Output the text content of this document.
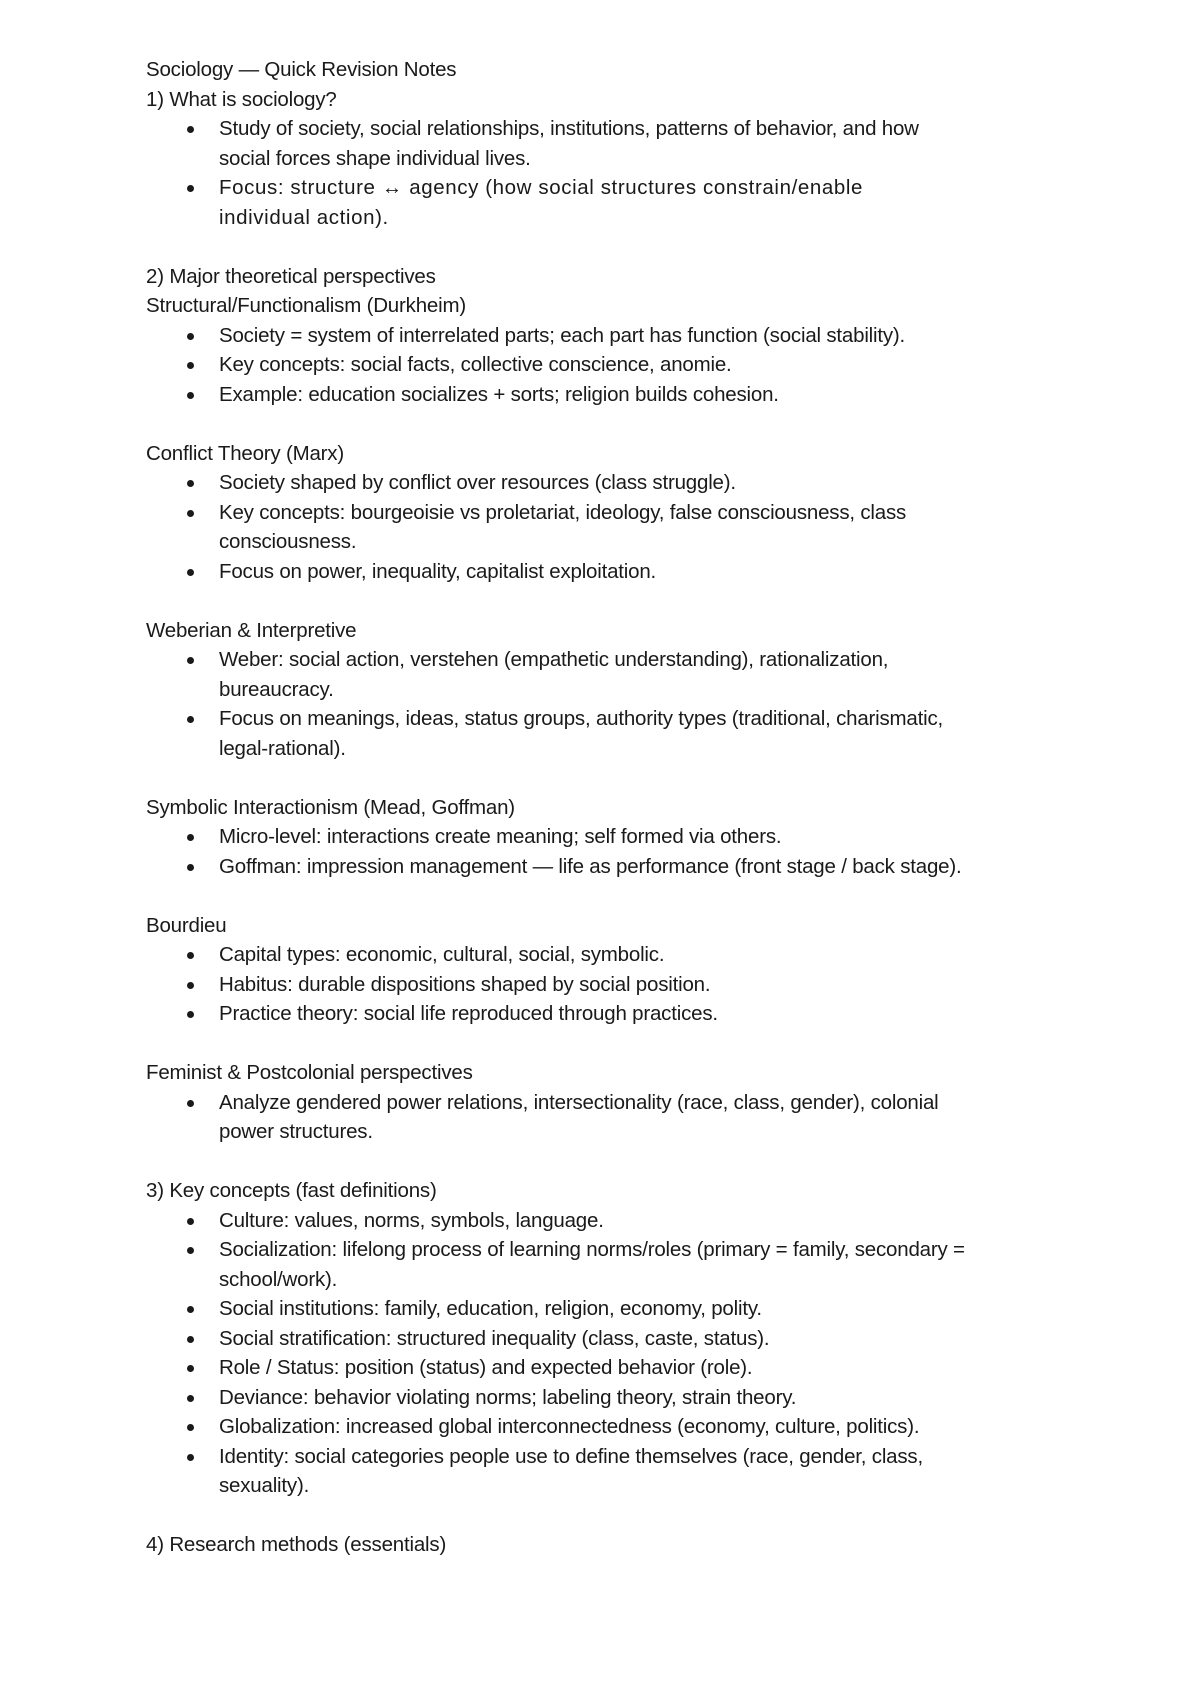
Sociology — Quick Revision Notes
1) What is sociology?
Study of society, social relationships, institutions, patterns of behavior, and how
social forces shape individual lives.
Focus: structure ↔ agency (how social structures constrain/enable
individual action).
2) Major theoretical perspectives
Structural/Functionalism (Durkheim)
Society = system of interrelated parts; each part has function (social stability).
Key concepts: social facts, collective conscience, anomie.
Example: education socializes + sorts; religion builds cohesion.
Conflict Theory (Marx)
Society shaped by conflict over resources (class struggle).
Key concepts: bourgeoisie vs proletariat, ideology, false consciousness, class
consciousness.
Focus on power, inequality, capitalist exploitation.
Weberian & Interpretive
Weber: social action, verstehen (empathetic understanding), rationalization,
bureaucracy.
Focus on meanings, ideas, status groups, authority types (traditional, charismatic,
legal-rational).
Symbolic Interactionism (Mead, Goffman)
Micro-level: interactions create meaning; self formed via others.
Goffman: impression management — life as performance (front stage / back stage).
Bourdieu
Capital types: economic, cultural, social, symbolic.
Habitus: durable dispositions shaped by social position.
Practice theory: social life reproduced through practices.
Feminist & Postcolonial perspectives
Analyze gendered power relations, intersectionality (race, class, gender), colonial
power structures.
3) Key concepts (fast definitions)
Culture: values, norms, symbols, language.
Socialization: lifelong process of learning norms/roles (primary = family, secondary =
school/work).
Social institutions: family, education, religion, economy, polity.
Social stratification: structured inequality (class, caste, status).
Role / Status: position (status) and expected behavior (role).
Deviance: behavior violating norms; labeling theory, strain theory.
Globalization: increased global interconnectedness (economy, culture, politics).
Identity: social categories people use to define themselves (race, gender, class,
sexuality).
4) Research methods (essentials)
